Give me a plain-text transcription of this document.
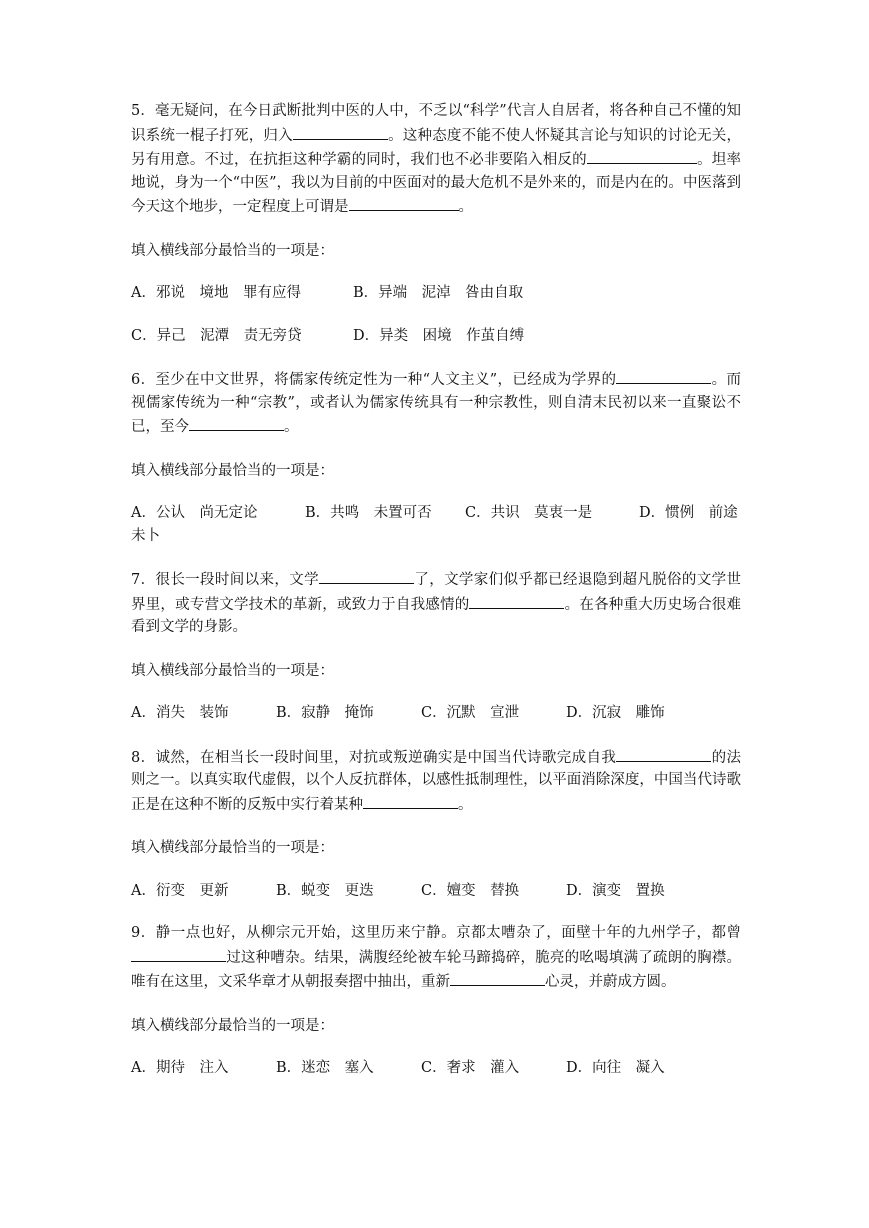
5．毫无疑问，在今日武断批判中医的人中，不乏以“科学”代言人自居者，将各种自己不懂的知识系统一棍子打死，归入	。这种态度不能不使人怀疑其言论与知识的讨论无关，另有用意。不过，在抗拒这种学霸的同时，我们也不必非要陷入相反的	。坦率地说，身为一个“中医”，我以为目前的中医面对的最大危机不是外来的，而是内在的。中医落到今天这个地步，一定程度上可谓是	。

填入横线部分最恰当的一项是：

A．邪说　境地　罪有应得	B．异端　泥淖　咎由自取

C．异己　泥潭　责无旁贷	D．异类　困境　作茧自缚

6．至少在中文世界，将儒家传统定性为一种“人文主义”，已经成为学界的	。而视儒家传统为一种“宗教”，或者认为儒家传统具有一种宗教性，则自清末民初以来一直聚讼不已，至今	。

填入横线部分最恰当的一项是：

A．公认　尚无定论	B．共鸣　未置可否 C．共识　莫衷一是	D．惯例　前途未卜

7．很长一段时间以来，文学	了，文学家们似乎都已经退隐到超凡脱俗的文学世界里，或专营文学技术的革新，或致力于自我感情的	。在各种重大历史场合很难看到文学的身影。

填入横线部分最恰当的一项是：

A．消失　装饰	B．寂静　掩饰	C．沉默　宣泄	D．沉寂　雕饰

8．诚然，在相当长一段时间里，对抗或叛逆确实是中国当代诗歌完成自我	的法则之一。以真实取代虚假，以个人反抗群体，以感性抵制理性，以平面消除深度，中国当代诗歌正是在这种不断的反叛中实行着某种	。

填入横线部分最恰当的一项是：

A．衍变　更新	B．蜕变　更迭	C．嬗变　替换	D．演变　置换

9．静一点也好，从柳宗元开始，这里历来宁静。京都太嘈杂了，面壁十年的九州学子，都曾过这种嘈杂。结果，满腹经纶被车轮马蹄捣碎，脆亮的吆喝填满了疏朗的胸襟。唯有在这里，文采华章才从朝报奏摺中抽出，重新	心灵，并蔚成方圆。

填入横线部分最恰当的一项是：

A．期待　注入	B．迷恋　塞入	C．奢求　灌入	D．向往　凝入
